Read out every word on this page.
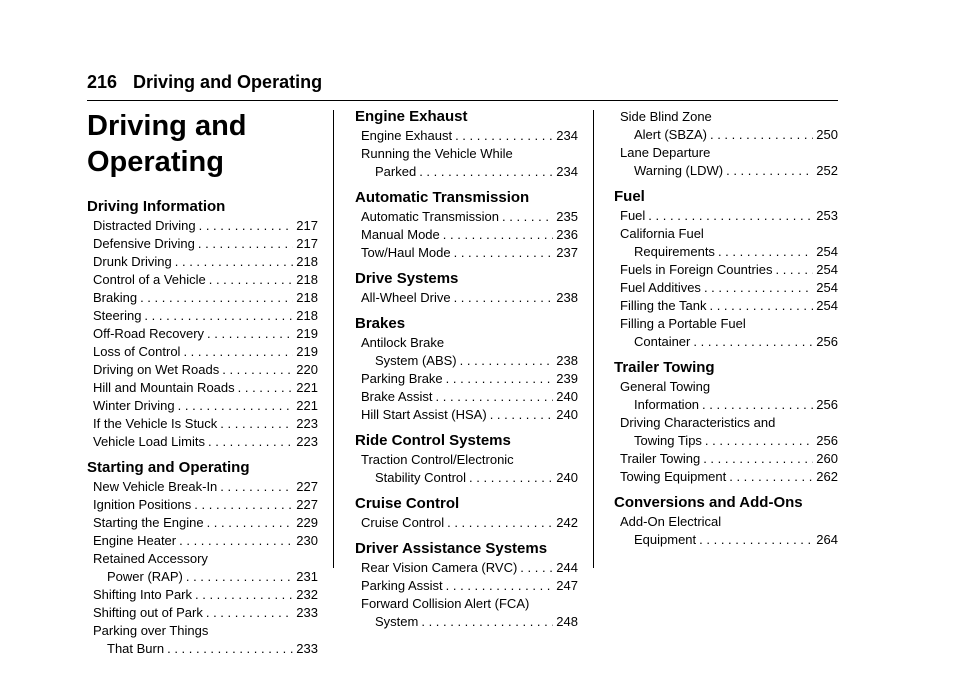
216 Driving and Operating
Driving and
Operating
Driving Information
Distracted Driving . . .	217
Defensive Driving . . .	217
Drunk Driving . . .	218
Control of a Vehicle . . .	218
Braking . . .	218
Steering . . .	218
Off-Road Recovery . . .	219
Loss of Control . . .	219
Driving on Wet Roads . . .	220
Hill and Mountain Roads . . .	221
Winter Driving . . .	221
If the Vehicle Is Stuck . . .	223
Vehicle Load Limits . . .	223
Starting and Operating
New Vehicle Break-In . . .	227
Ignition Positions . . .	227
Starting the Engine . . .	229
Engine Heater . . .	230
Retained Accessory
Power (RAP) . . .	231
Shifting Into Park . . .	232
Shifting out of Park . . .	233
Parking over Things
That Burn . . .	233
Engine Exhaust
Engine Exhaust . . .	234
Running the Vehicle While
Parked . . .	234
Automatic Transmission
Automatic Transmission . . .	235
Manual Mode . . .	236
Tow/Haul Mode . . .	237
Drive Systems
All-Wheel Drive . . .	238
Brakes
Antilock Brake
System (ABS) . . .	238
Parking Brake . . .	239
Brake Assist . . .	240
Hill Start Assist (HSA) . . .	240
Ride Control Systems
Traction Control/Electronic
Stability Control . . .	240
Cruise Control
Cruise Control . . .	242
Driver Assistance Systems
Rear Vision Camera (RVC) . . .	244
Parking Assist . . .	247
Forward Collision Alert (FCA)
System . . .	248
Side Blind Zone
Alert (SBZA) . . .	250
Lane Departure
Warning (LDW) . . .	252
Fuel
Fuel . . .	253
California Fuel
Requirements . . .	254
Fuels in Foreign Countries . . .	254
Fuel Additives . . .	254
Filling the Tank . . .	254
Filling a Portable Fuel
Container . . .	256
Trailer Towing
General Towing
Information . . .	256
Driving Characteristics and
Towing Tips . . .	256
Trailer Towing . . .	260
Towing Equipment . . .	262
Conversions and Add-Ons
Add-On Electrical
Equipment . . .	264
